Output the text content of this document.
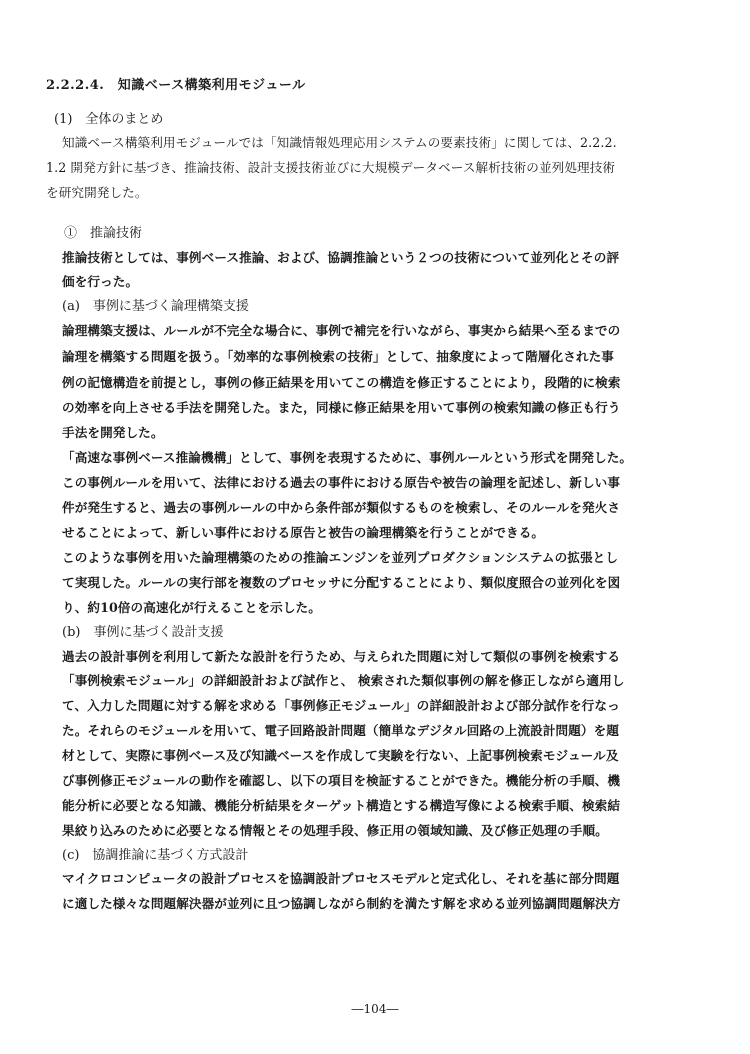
2.2.2.4.　知識ベース構築利用モジュール
(1)　全体のまとめ
知識ベース構築利用モジュールでは「知識情報処理応用システムの要素技術」に関しては、2.2.2.
1.2 開発方針に基づき、推論技術、設計支援技術並びに大規模データベース解析技術の並列処理技術
を研究開発した。
①　推論技術
推論技術としては、事例ベース推論、および、協調推論という２つの技術について並列化とその評
価を行った。
(a)　事例に基づく論理構築支援
論理構築支援は、ルールが不完全な場合に、事例で補完を行いながら、事実から結果へ至るまでの
論理を構築する問題を扱う。「効率的な事例検索の技術」として、抽象度によって階層化された事
例の記憶構造を前提とし，事例の修正結果を用いてこの構造を修正することにより，段階的に検索
の効率を向上させる手法を開発した。また，同様に修正結果を用いて事例の検索知識の修正も行う
手法を開発した。
「高速な事例ベース推論機構」として、事例を表現するために、事例ルールという形式を開発した。
この事例ルールを用いて、法律における過去の事件における原告や被告の論理を記述し、新しい事
件が発生すると、過去の事例ルールの中から条件部が類似するものを検索し、そのルールを発火さ
せることによって、新しい事件における原告と被告の論理構築を行うことができる。
このような事例を用いた論理構築のための推論エンジンを並列プロダクションシステムの拡張とし
て実現した。ルールの実行部を複数のプロセッサに分配することにより、類似度照合の並列化を図
り、約10倍の高速化が行えることを示した。
(b)　事例に基づく設計支援
過去の設計事例を利用して新たな設計を行うため、与えられた問題に対して類似の事例を検索する
「事例検索モジュール」の詳細設計および試作と、 検索された類似事例の解を修正しながら適用し
て、入力した問題に対する解を求める「事例修正モジュール」の詳細設計および部分試作を行なっ
た。それらのモジュールを用いて、電子回路設計問題（簡単なデジタル回路の上流設計問題）を題
材として、実際に事例ベース及び知識ベースを作成して実験を行ない、上記事例検索モジュール及
び事例修正モジュールの動作を確認し、以下の項目を検証することができた。機能分析の手順、機
能分析に必要となる知識、機能分析結果をターゲット構造とする構造写像による検索手順、検索結
果絞り込みのために必要となる情報とその処理手段、修正用の領域知識、及び修正処理の手順。
(c)　協調推論に基づく方式設計
マイクロコンピュータの設計プロセスを協調設計プロセスモデルと定式化し、それを基に部分問題
に適した様々な問題解決器が並列に且つ協調しながら制約を満たす解を求める並列協調問題解決方
―104―
